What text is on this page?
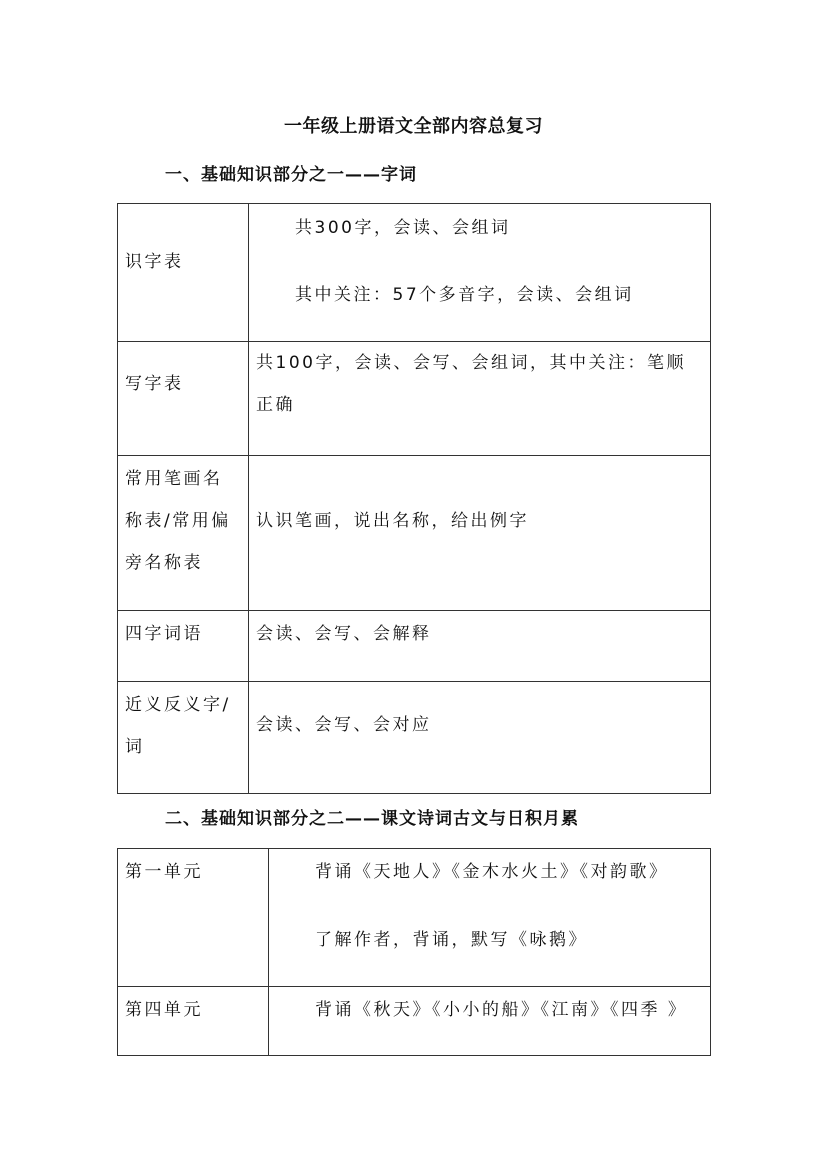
一年级上册语文全部内容总复习
一、基础知识部分之一——字词
识字表	共300字，会读、会组词
其中关注：57个多音字，会读、会组词

写字表	共100字，会读、会写、会组词，其中关注：笔顺
正确

常用笔画名
称表/常用偏
旁名称表	认识笔画，说出名称，给出例字

四字词语	会读、会写、会解释

近义反义字/
词	会读、会写、会对应
二、基础知识部分之二——课文诗词古文与日积月累
第一单元	背诵《天地人》《金木水火土》《对韵歌》
了解作者，背诵，默写《咏鹅》

第四单元	背诵《秋天》《小小的船》《江南》《四季 》
